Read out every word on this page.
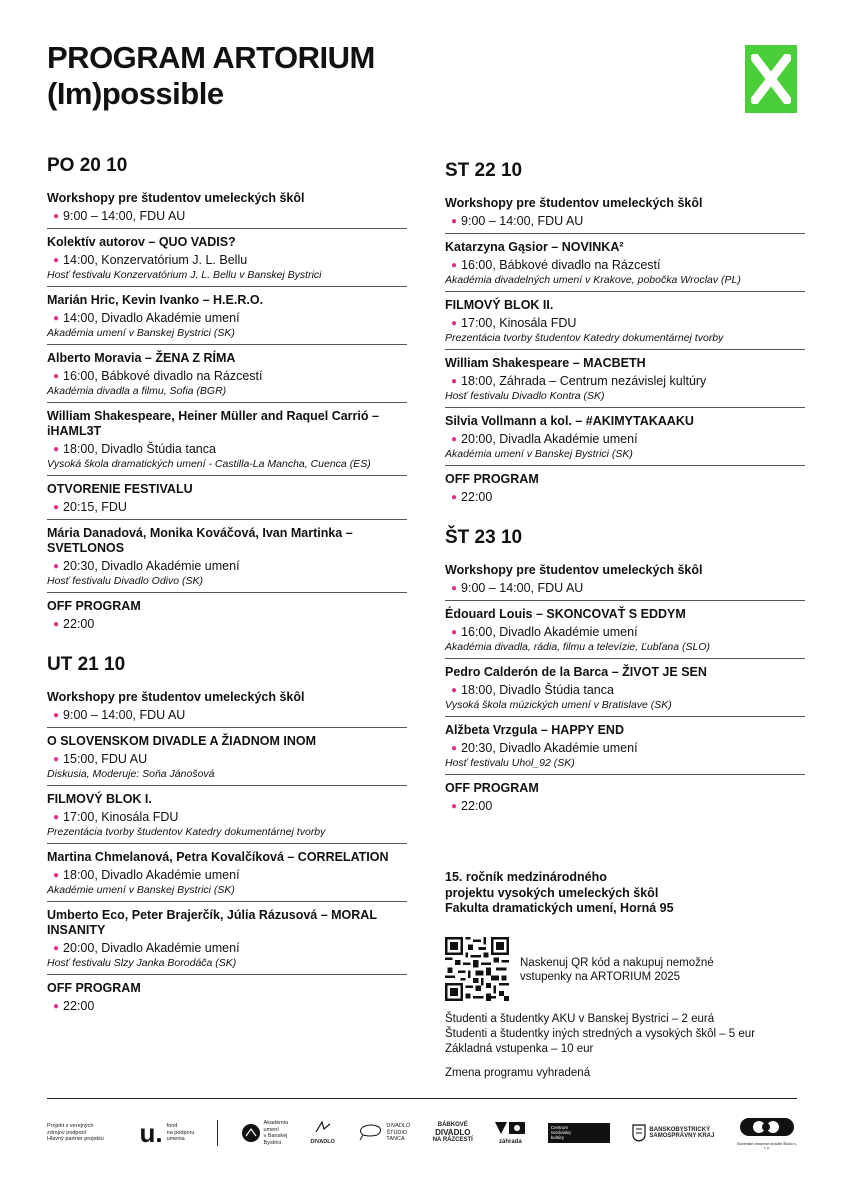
PROGRAM ARTORIUM
(Im)possible
PO 20 10
Workshopy pre študentov umeleckých škôl
● 9:00 – 14:00, FDU AU
Kolektív autorov – QUO VADIS?
● 14:00, Konzervatórium J. L. Bellu
Hosť festivalu Konzervatórium J. L. Bellu v Banskej Bystrici
Marián Hric, Kevin Ivanko – H.E.R.O.
● 14:00, Divadlo Akadémie umení
Akadémia umení v Banskej Bystrici (SK)
Alberto Moravia – ŽENA Z RÍMA
● 16:00, Bábkové divadlo na Rázcestí
Akadémia divadla a filmu, Sofia (BGR)
William Shakespeare, Heiner Müller and Raquel Carrió – iHAML3T
● 18:00, Divadlo Štúdia tanca
Vysoká škola dramatických umení - Castilla-La Mancha, Cuenca (ES)
OTVORENIE FESTIVALU
● 20:15, FDU
Mária Danadová, Monika Kováčová, Ivan Martinka – SVETLONOS
● 20:30, Divadlo Akadémie umení
Hosť festivalu Divadlo Odivo (SK)
OFF PROGRAM
● 22:00
UT 21 10
Workshopy pre študentov umeleckých škôl
● 9:00 – 14:00, FDU AU
O SLOVENSKOM DIVADLE A ŽIADNOM INOM
● 15:00, FDU AU
Diskusia, Moderuje: Soňa Jánošová
FILMOVÝ BLOK I.
● 17:00, Kinosála FDU
Prezentácia tvorby študentov Katedry dokumentárnej tvorby
Martina Chmelanová, Petra Kovalčíková – CORRELATION
● 18:00, Divadlo Akadémie umení
Akadémie umení v Banskej Bystrici (SK)
Umberto Eco, Peter Brajerčík, Júlia Rázusová – MORAL INSANITY
● 20:00, Divadlo Akadémie umení
Hosť festivalu Slzy Janka Borodáča (SK)
OFF PROGRAM
● 22:00
ST 22 10
Workshopy pre študentov umeleckých škôl
● 9:00 – 14:00, FDU AU
Katarzyna Gąsior – NOVINKA²
● 16:00, Bábkové divadlo na Rázcestí
Akadémia divadelných umení v Krakove, pobočka Wroclav (PL)
FILMOVÝ BLOK II.
● 17:00, Kinosála FDU
Prezentácia tvorby študentov Katedry dokumentárnej tvorby
William Shakespeare – MACBETH
● 18:00, Záhrada – Centrum nezávislej kultúry
Hosť festivalu Divadlo Kontra (SK)
Silvia Vollmann a kol. – #AKIMYTAKAAKU
● 20:00, Divadla Akadémie umení
Akadémia umení v Banskej Bystrici (SK)
OFF PROGRAM
● 22:00
ŠT 23 10
Workshopy pre študentov umeleckých škôl
● 9:00 – 14:00, FDU AU
Édouard Louis – SKONCOVAŤ S EDDYM
● 16:00, Divadlo Akadémie umení
Akadémia divadla, rádia, filmu a televízie, Ľubľana (SLO)
Pedro Calderón de la Barca – ŽIVOT JE SEN
● 18:00, Divadlo Štúdia tanca
Vysoká škola múzických umení v Bratislave (SK)
Alžbeta Vrzgula – HAPPY END
● 20:30, Divadlo Akadémie umení
Hosť festivalu Uhol_92 (SK)
OFF PROGRAM
● 22:00
15. ročník medzinárodného
projektu vysokých umeleckých škôl
Fakulta dramatických umení, Horná 95
Naskenuj QR kód a nakupuj nemožné
vstupenky na ARTORIUM 2025
Študenti a študentky AKU v Banskej Bystrici – 2 eurá
Študenti a študentky iných stredných a vysokých škôl – 5 eur
Základná vstupenka – 10 eur
Zmena programu vyhradená
Projekt z verejných
zdrojov podporil
Hlavný partner projektu	u. fond
na podporu
umenia
Akadémia
umení
v Banskej
Bystrici	DIVADLO
DIVADLO
ŠTÚDIO
TANCA
BÁBKOVÉ
DIVADLO
NA RÁZCESTÍ	záhrada
Centrum
nezávislej
kultúry
BANSKOBYSTRICKÝ
SAMOSPRÁVNY KRAJ
Slovenské združenie divadiel Štúdio s. r. o.
